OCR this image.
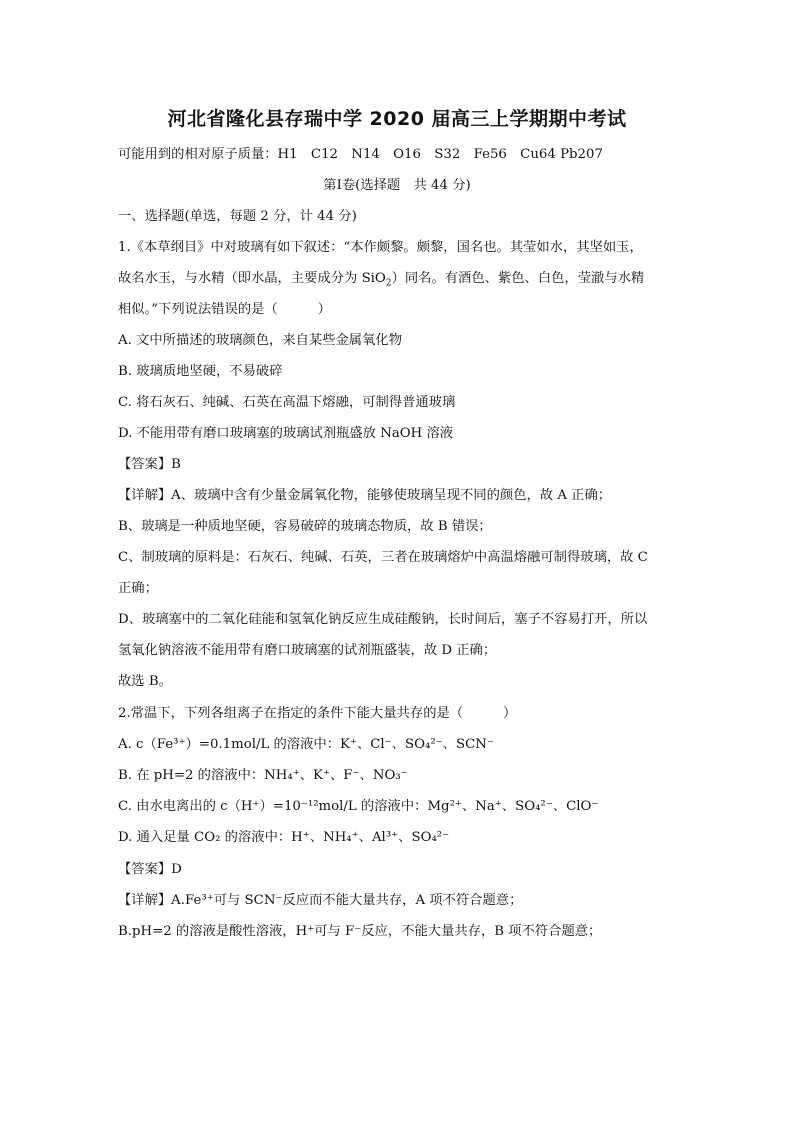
河北省隆化县存瑞中学 2020 届高三上学期期中考试
可能用到的相对原子质量：H1　C12　N14　O16　S32　Fe56　Cu64 Pb207
第Ⅰ卷(选择题　共 44 分)
一、选择题(单选，每题 2 分，计 44 分)
1.《本草纲目》中对玻璃有如下叙述：“本作颇黎。颇黎，国名也。其莹如水，其坚如玉，
故名水玉，与水精（即水晶，主要成分为 SiO$_2$）同名。有酒色、紫色、白色，莹澈与水精
相似。”下列说法错误的是（　　　）
A. 文中所描述的玻璃颜色，来自某些金属氧化物
B. 玻璃质地坚硬，不易破碎
C. 将石灰石、纯碱、石英在高温下熔融，可制得普通玻璃
D. 不能用带有磨口玻璃塞的玻璃试剂瓶盛放 NaOH 溶液
【答案】B
【详解】A、玻璃中含有少量金属氧化物，能够使玻璃呈现不同的颜色，故 A 正确；
B、玻璃是一种质地坚硬，容易破碎的玻璃态物质，故 B 错误；
C、制玻璃的原料是：石灰石、纯碱、石英，三者在玻璃熔炉中高温熔融可制得玻璃，故 C
正确；
D、玻璃塞中的二氧化硅能和氢氧化钠反应生成硅酸钠，长时间后，塞子不容易打开，所以
氢氧化钠溶液不能用带有磨口玻璃塞的试剂瓶盛装，故 D 正确；
故选 B。
2.常温下，下列各组离子在指定的条件下能大量共存的是（　　　）
A. c（Fe³⁺）=0.1mol/L 的溶液中：K⁺、Cl⁻、SO₄²⁻、SCN⁻
B. 在 pH=2 的溶液中：NH₄⁺、K⁺、F⁻、NO₃⁻
C. 由水电离出的 c（H⁺）=10⁻¹²mol/L 的溶液中：Mg²⁺、Na⁺、SO₄²⁻、ClO⁻
D. 通入足量 CO₂ 的溶液中：H⁺、NH₄⁺、Al³⁺、SO₄²⁻
【答案】D
【详解】A.Fe³⁺可与 SCN⁻反应而不能大量共存，A 项不符合题意；
B.pH=2 的溶液是酸性溶液，H⁺可与 F⁻反应，不能大量共存，B 项不符合题意；
